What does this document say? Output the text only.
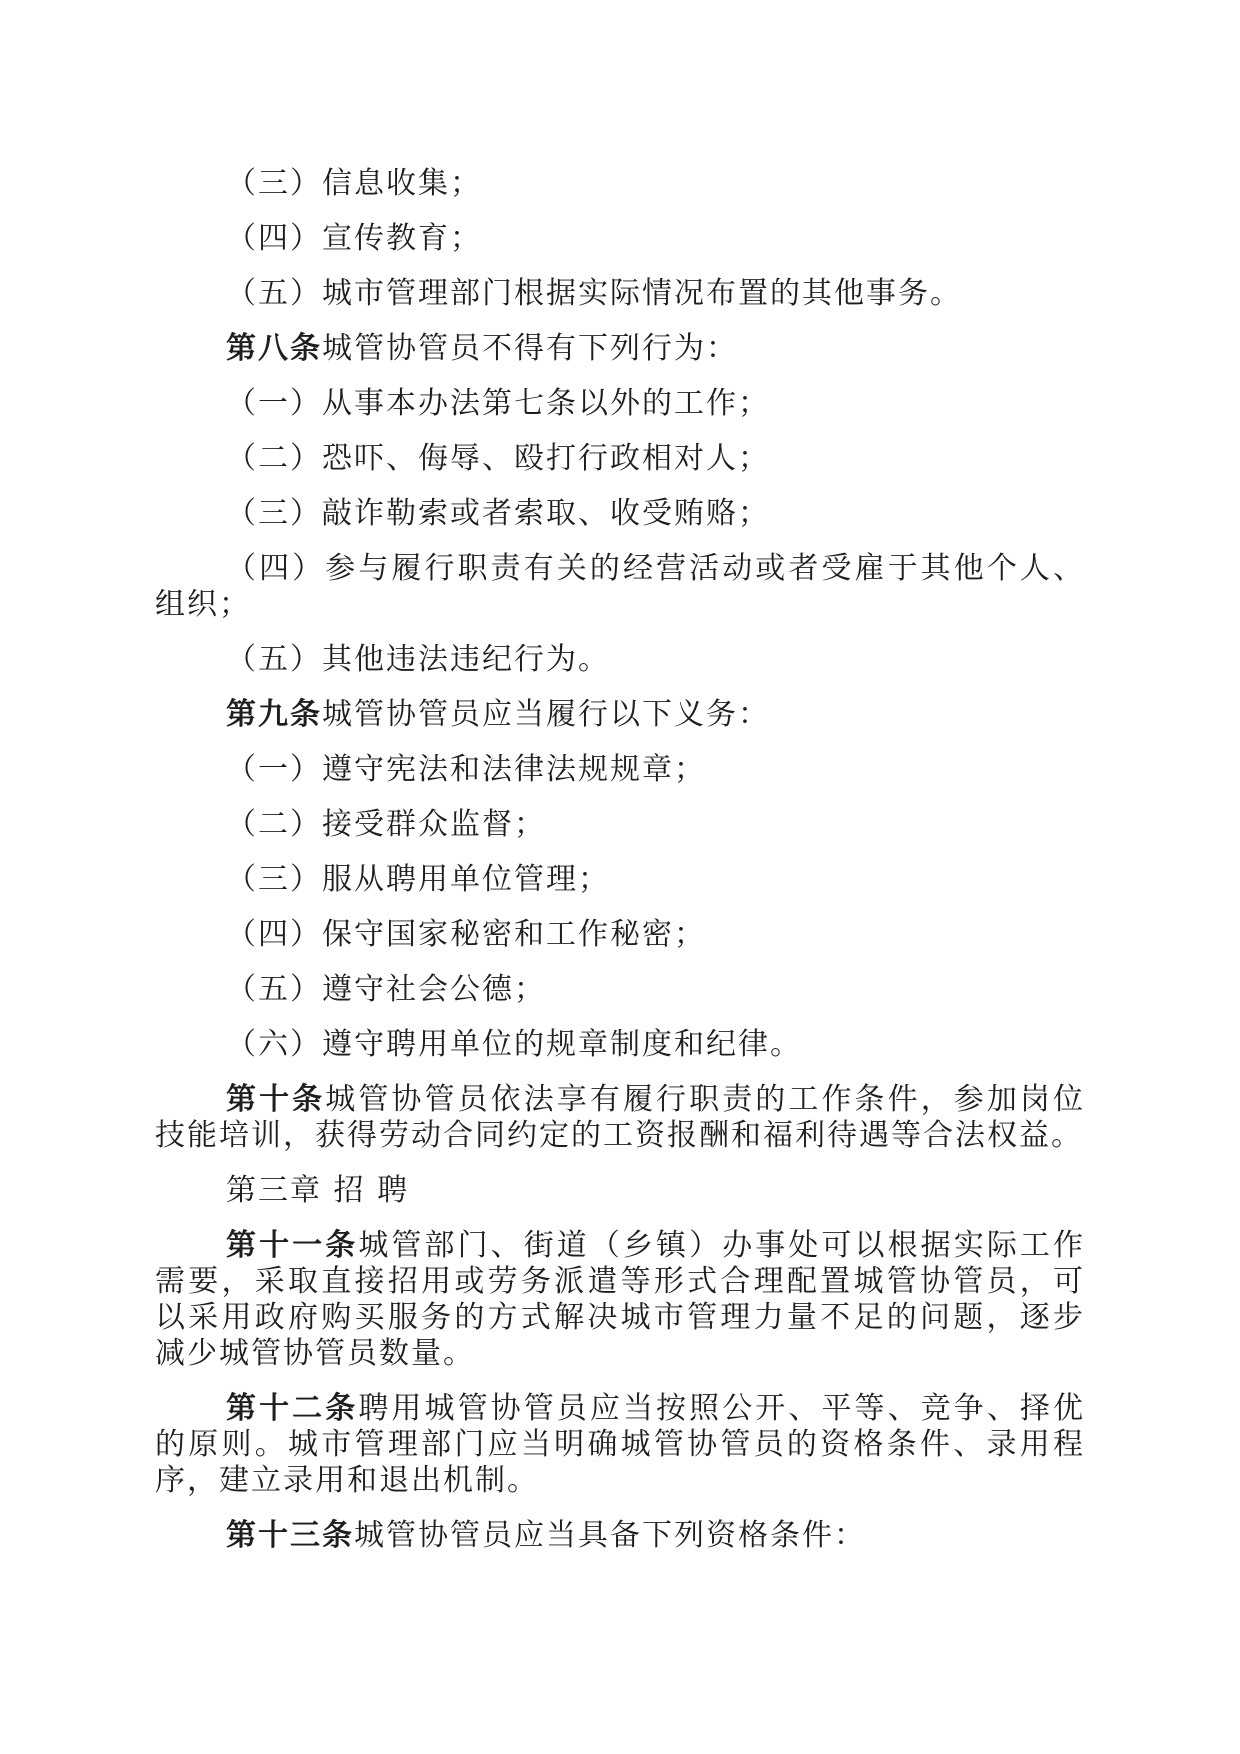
（三）信息收集；

（四）宣传教育；

（五）城市管理部门根据实际情况布置的其他事务。

第八条城管协管员不得有下列行为：

（一）从事本办法第七条以外的工作；

（二）恐吓、侮辱、殴打行政相对人；

（三）敲诈勒索或者索取、收受贿赂；

（四）参与履行职责有关的经营活动或者受雇于其他个人、
组织；

（五）其他违法违纪行为。

第九条城管协管员应当履行以下义务：

（一）遵守宪法和法律法规规章；

（二）接受群众监督；

（三）服从聘用单位管理；

（四）保守国家秘密和工作秘密；

（五）遵守社会公德；

（六）遵守聘用单位的规章制度和纪律。

第十条城管协管员依法享有履行职责的工作条件，参加岗位
技能培训，获得劳动合同约定的工资报酬和福利待遇等合法权益。

第三章 招 聘

第十一条城管部门、街道（乡镇）办事处可以根据实际工作
需要，采取直接招用或劳务派遣等形式合理配置城管协管员，可
以采用政府购买服务的方式解决城市管理力量不足的问题，逐步
减少城管协管员数量。
第十二条聘用城管协管员应当按照公开、平等、竞争、择优
的原则。城市管理部门应当明确城管协管员的资格条件、录用程
序，建立录用和退出机制。

第十三条城管协管员应当具备下列资格条件：
